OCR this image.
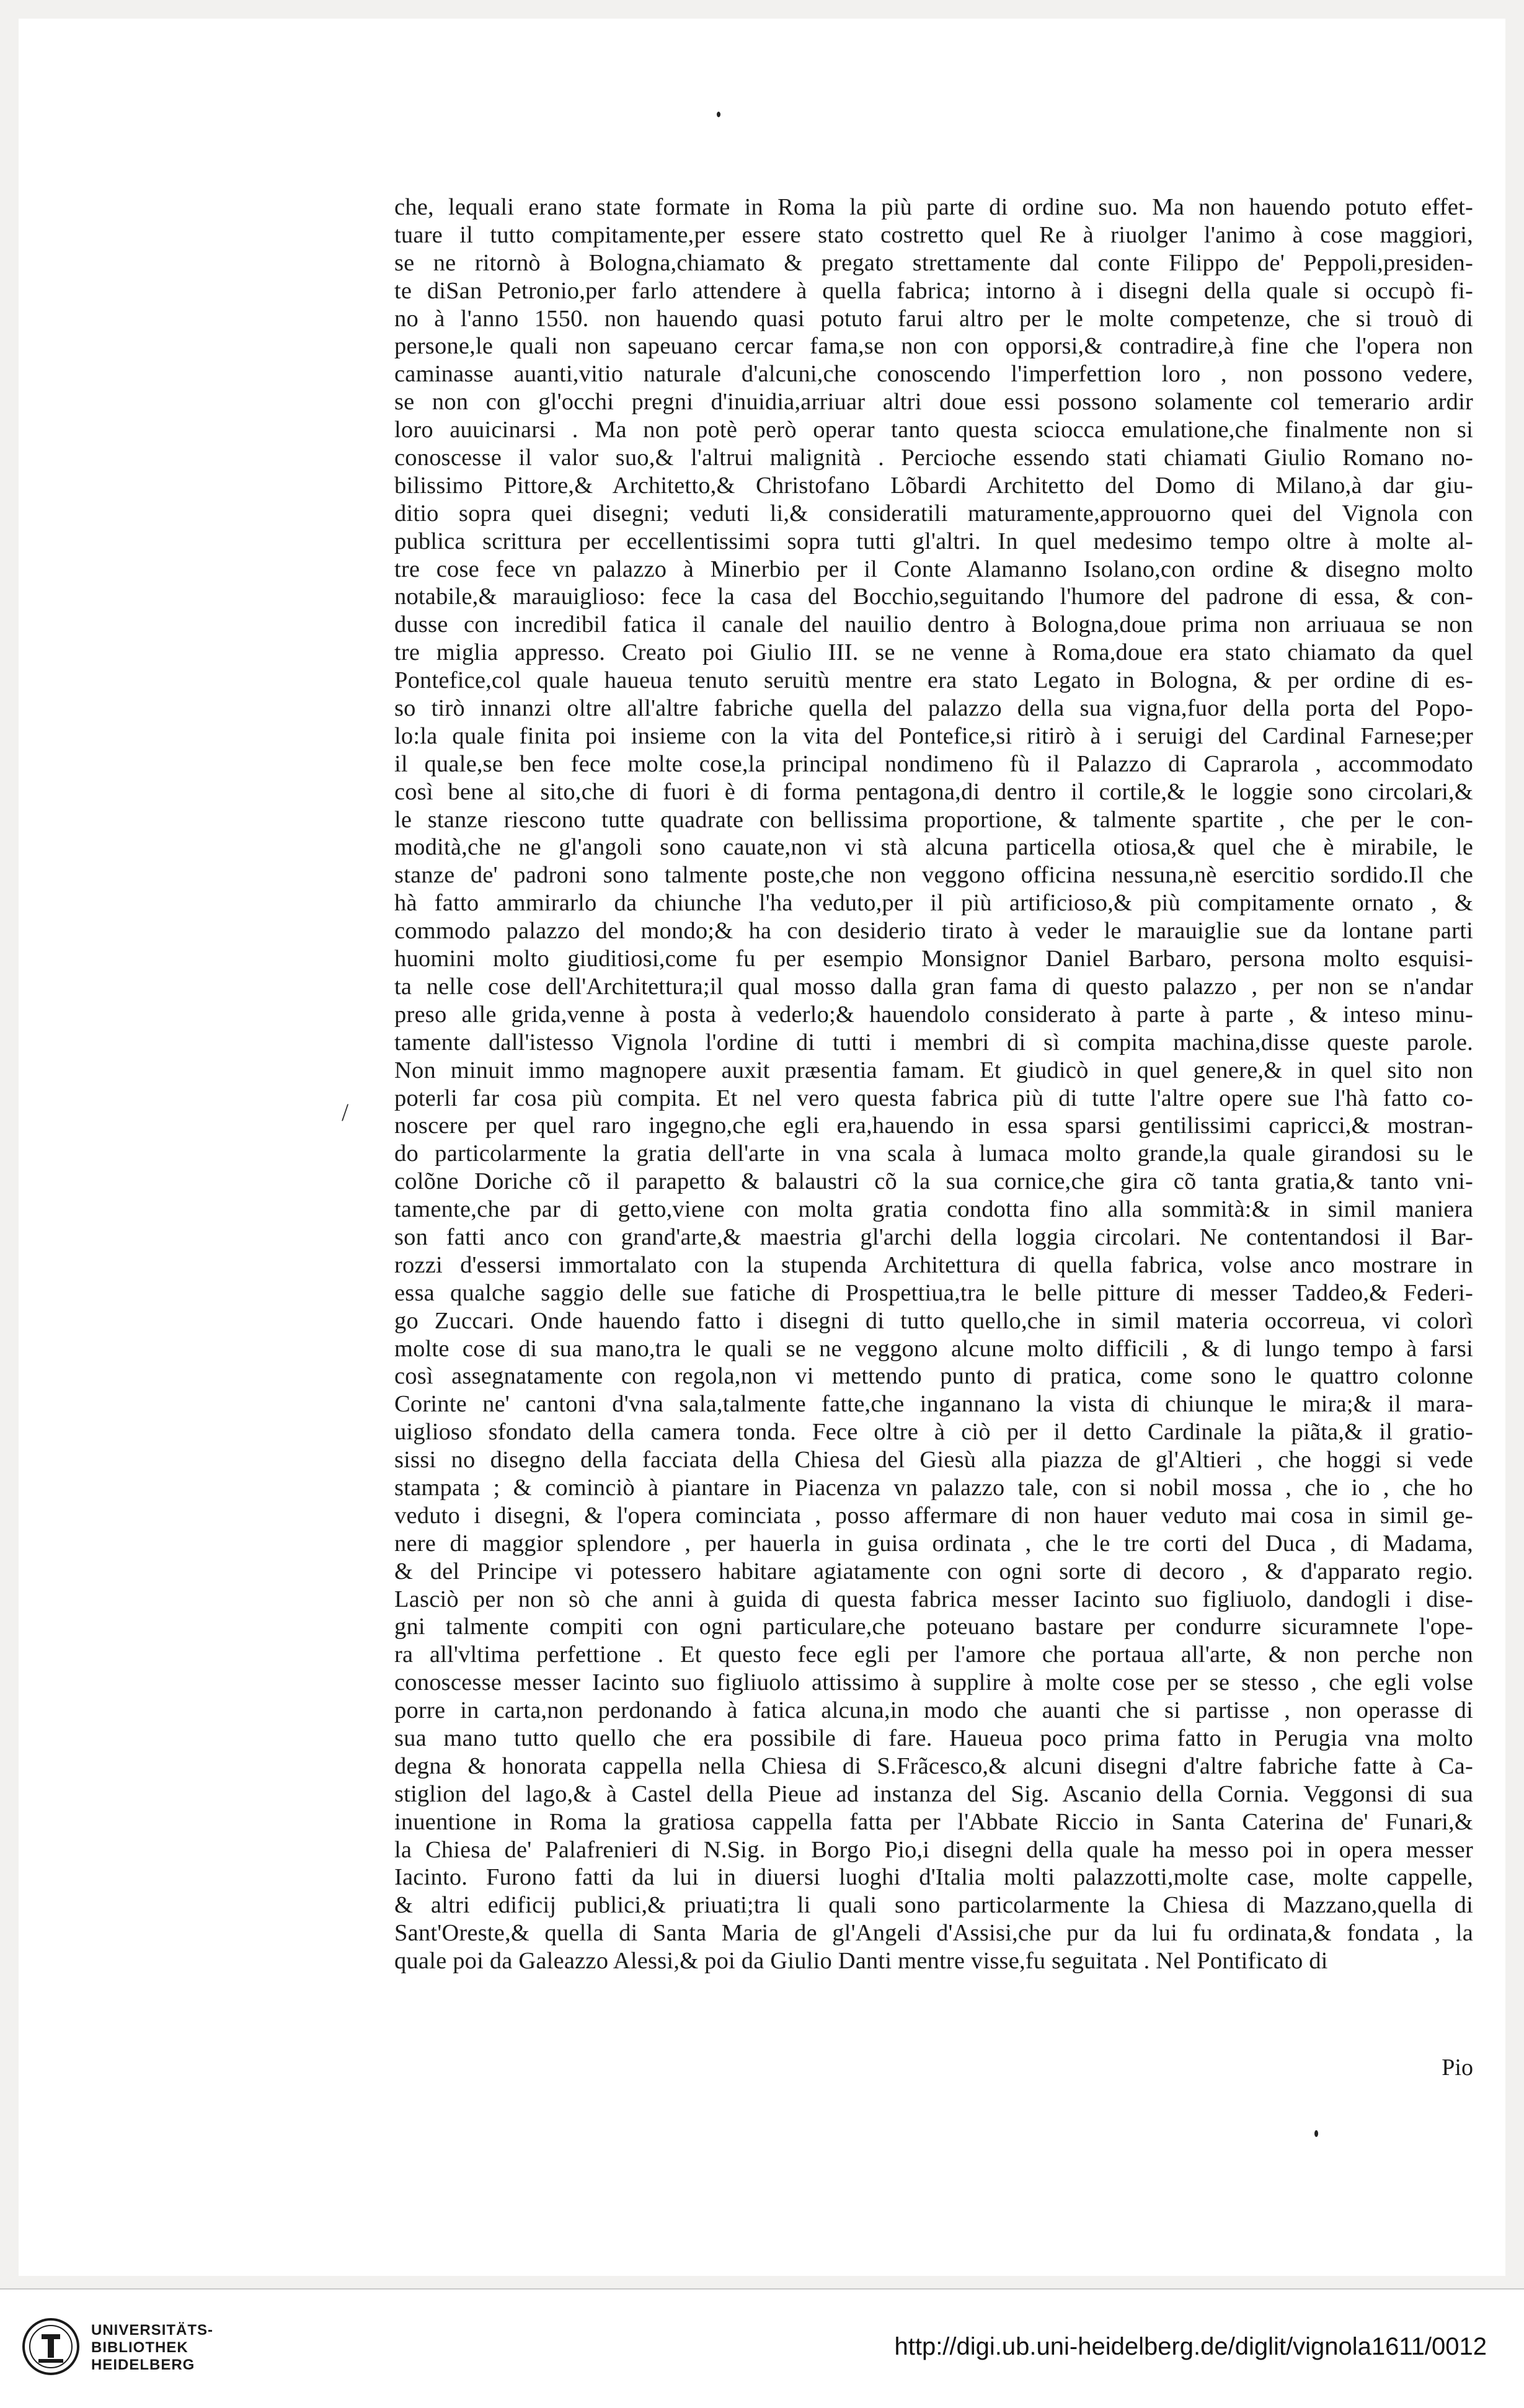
/
che, lequali erano state formate in Roma la più parte di ordine suo. Ma non hauendo potuto effet-
tuare il tutto compitamente,per essere stato costretto quel Re à riuolger l'animo à cose maggiori,
se ne ritornò à Bologna,chiamato & pregato strettamente dal conte Filippo de' Peppoli,presiden-
te diSan Petronio,per farlo attendere à quella fabrica; intorno à i disegni della quale si occupò fi-
no à l'anno 1550. non hauendo quasi potuto farui altro per le molte competenze, che si trouò di
persone,le quali non sapeuano cercar fama,se non con opporsi,& contradire,à fine che l'opera non
caminasse auanti,vitio naturale d'alcuni,che conoscendo l'imperfettion loro , non possono vedere,
se non con gl'occhi pregni d'inuidia,arriuar altri doue essi possono solamente col temerario ardir
loro auuicinarsi . Ma non potè però operar tanto questa sciocca emulatione,che finalmente non si
conoscesse il valor suo,& l'altrui malignità . Percioche essendo stati chiamati Giulio Romano no-
bilissimo Pittore,& Architetto,& Christofano Lõbardi Architetto del Domo di Milano,à dar giu-
ditio sopra quei disegni; veduti li,& consideratili maturamente,approuorno quei del Vignola con
publica scrittura per eccellentissimi sopra tutti gl'altri. In quel medesimo tempo oltre à molte al-
tre cose fece vn palazzo à Minerbio per il Conte Alamanno Isolano,con ordine & disegno molto
notabile,& marauiglioso: fece la casa del Bocchio,seguitando l'humore del padrone di essa, & con-
dusse con incredibil fatica il canale del nauilio dentro à Bologna,doue prima non arriuaua se non
tre miglia appresso. Creato poi Giulio III. se ne venne à Roma,doue era stato chiamato da quel
Pontefice,col quale haueua tenuto seruitù mentre era stato Legato in Bologna, & per ordine di es-
so tirò innanzi oltre all'altre fabriche quella del palazzo della sua vigna,fuor della porta del Popo-
lo:la quale finita poi insieme con la vita del Pontefice,si ritirò à i seruigi del Cardinal Farnese;per
il quale,se ben fece molte cose,la principal nondimeno fù il Palazzo di Caprarola , accommodato
così bene al sito,che di fuori è di forma pentagona,di dentro il cortile,& le loggie sono circolari,&
le stanze riescono tutte quadrate con bellissima proportione, & talmente spartite , che per le con-
modità,che ne gl'angoli sono cauate,non vi stà alcuna particella otiosa,& quel che è mirabile, le
stanze de' padroni sono talmente poste,che non veggono officina nessuna,nè esercitio sordido.Il che
hà fatto ammirarlo da chiunche l'ha veduto,per il più artificioso,& più compitamente ornato , &
commodo palazzo del mondo;& ha con desiderio tirato à veder le marauiglie sue da lontane parti
huomini molto giuditiosi,come fu per esempio Monsignor Daniel Barbaro, persona molto esquisi-
ta nelle cose dell'Architettura;il qual mosso dalla gran fama di questo palazzo , per non se n'andar
preso alle grida,venne à posta à vederlo;& hauendolo considerato à parte à parte , & inteso minu-
tamente dall'istesso Vignola l'ordine di tutti i membri di sì compita machina,disse queste parole.
Non minuit immo magnopere auxit præsentia famam. Et giudicò in quel genere,& in quel sito non
poterli far cosa più compita. Et nel vero questa fabrica più di tutte l'altre opere sue l'hà fatto co-
noscere per quel raro ingegno,che egli era,hauendo in essa sparsi gentilissimi capricci,& mostran-
do particolarmente la gratia dell'arte in vna scala à lumaca molto grande,la quale girandosi su le
colõne Doriche cõ il parapetto & balaustri cõ la sua cornice,che gira cõ tanta gratia,& tanto vni-
tamente,che par di getto,viene con molta gratia condotta fino alla sommità:& in simil maniera
son fatti anco con grand'arte,& maestria gl'archi della loggia circolari. Ne contentandosi il Bar-
rozzi d'essersi immortalato con la stupenda Architettura di quella fabrica, volse anco mostrare in
essa qualche saggio delle sue fatiche di Prospettiua,tra le belle pitture di messer Taddeo,& Federi-
go Zuccari. Onde hauendo fatto i disegni di tutto quello,che in simil materia occorreua, vi colorì
molte cose di sua mano,tra le quali se ne veggono alcune molto difficili , & di lungo tempo à farsi
così assegnatamente con regola,non vi mettendo punto di pratica, come sono le quattro colonne
Corinte ne' cantoni d'vna sala,talmente fatte,che ingannano la vista di chiunque le mira;& il mara-
uiglioso sfondato della camera tonda. Fece oltre à ciò per il detto Cardinale la piãta,& il gratio-
sissi no disegno della facciata della Chiesa del Giesù alla piazza de gl'Altieri , che hoggi si vede
stampata ; & cominciò à piantare in Piacenza vn palazzo tale, con si nobil mossa , che io , che ho
veduto i disegni, & l'opera cominciata , posso affermare di non hauer veduto mai cosa in simil ge-
nere di maggior splendore , per hauerla in guisa ordinata , che le tre corti del Duca , di Madama,
& del Principe vi potessero habitare agiatamente con ogni sorte di decoro , & d'apparato regio.
Lasciò per non sò che anni à guida di questa fabrica messer Iacinto suo figliuolo, dandogli i dise-
gni talmente compiti con ogni particulare,che poteuano bastare per condurre sicuramnete l'ope-
ra all'vltima perfettione . Et questo fece egli per l'amore che portaua all'arte, & non perche non
conoscesse messer Iacinto suo figliuolo attissimo à supplire à molte cose per se stesso , che egli volse
porre in carta,non perdonando à fatica alcuna,in modo che auanti che si partisse , non operasse di
sua mano tutto quello che era possibile di fare. Haueua poco prima fatto in Perugia vna molto
degna & honorata cappella nella Chiesa di S.Frãcesco,& alcuni disegni d'altre fabriche fatte à Ca-
stiglion del lago,& à Castel della Pieue ad instanza del Sig. Ascanio della Cornia. Veggonsi di sua
inuentione in Roma la gratiosa cappella fatta per l'Abbate Riccio in Santa Caterina de' Funari,&
la Chiesa de' Palafrenieri di N.Sig. in Borgo Pio,i disegni della quale ha messo poi in opera messer
Iacinto. Furono fatti da lui in diuersi luoghi d'Italia molti palazzotti,molte case, molte cappelle,
& altri edificij publici,& priuati;tra li quali sono particolarmente la Chiesa di Mazzano,quella di
Sant'Oreste,& quella di Santa Maria de gl'Angeli d'Assisi,che pur da lui fu ordinata,& fondata , la
quale poi da Galeazzo Alessi,& poi da Giulio Danti mentre visse,fu seguitata . Nel Pontificato di
Pio
UNIVERSITÄTS-
BIBLIOTHEK
HEIDELBERG
http://digi.ub.uni-heidelberg.de/diglit/vignola1611/0012
